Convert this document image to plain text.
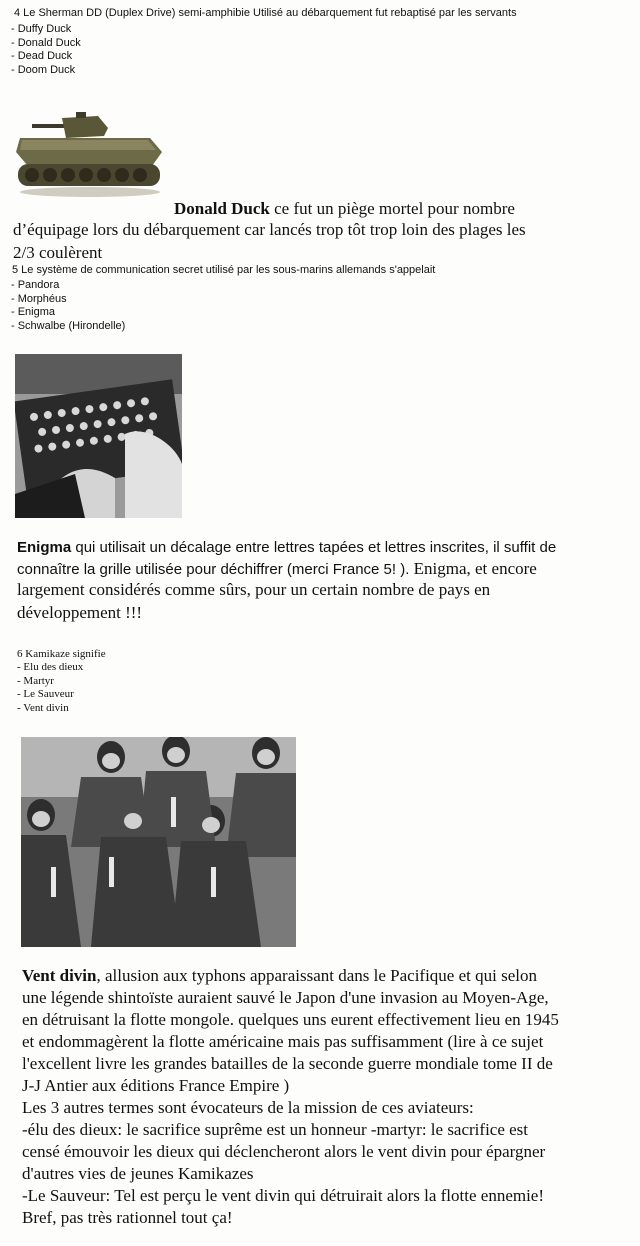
4 Le Sherman DD (Duplex Drive) semi-amphibie Utilisé au débarquement fut rebaptisé par les servants
- Duffy Duck
- Donald Duck
- Dead Duck
- Doom Duck
Donald Duck ce fut un piège mortel pour nombre
d’équipage lors du débarquement car lancés trop tôt trop loin des plages les
2/3 coulèrent
5 Le système de communication secret utilisé par les sous-marins allemands s'appelait
- Pandora
- Morphéus
- Enigma
- Schwalbe (Hirondelle)
Enigma qui utilisait un décalage entre lettres tapées et lettres inscrites, il suffit de
connaître la grille utilisée pour déchiffrer (merci France 5! ). Enigma, et encore
largement considérés comme sûrs, pour un certain nombre de pays en
développement !!!
6 Kamikaze signifie
- Elu des dieux
- Martyr
- Le Sauveur
- Vent divin
Vent divin, allusion aux typhons apparaissant dans le Pacifique et qui selon
une légende shintoïste auraient sauvé le Japon d'une invasion au Moyen-Age,
en détruisant la flotte mongole. quelques uns eurent effectivement lieu en 1945
et endommagèrent la flotte américaine mais pas suffisamment (lire à ce sujet
l'excellent livre les grandes batailles de la seconde guerre mondiale tome II de
J-J Antier aux éditions France Empire )
Les 3 autres termes sont évocateurs de la mission de ces aviateurs:
-élu des dieux: le sacrifice suprême est un honneur -martyr: le sacrifice est
censé émouvoir les dieux qui déclencheront alors le vent divin pour épargner
d'autres vies de jeunes Kamikazes
-Le Sauveur: Tel est perçu le vent divin qui détruirait alors la flotte ennemie!
Bref, pas très rationnel tout ça!
